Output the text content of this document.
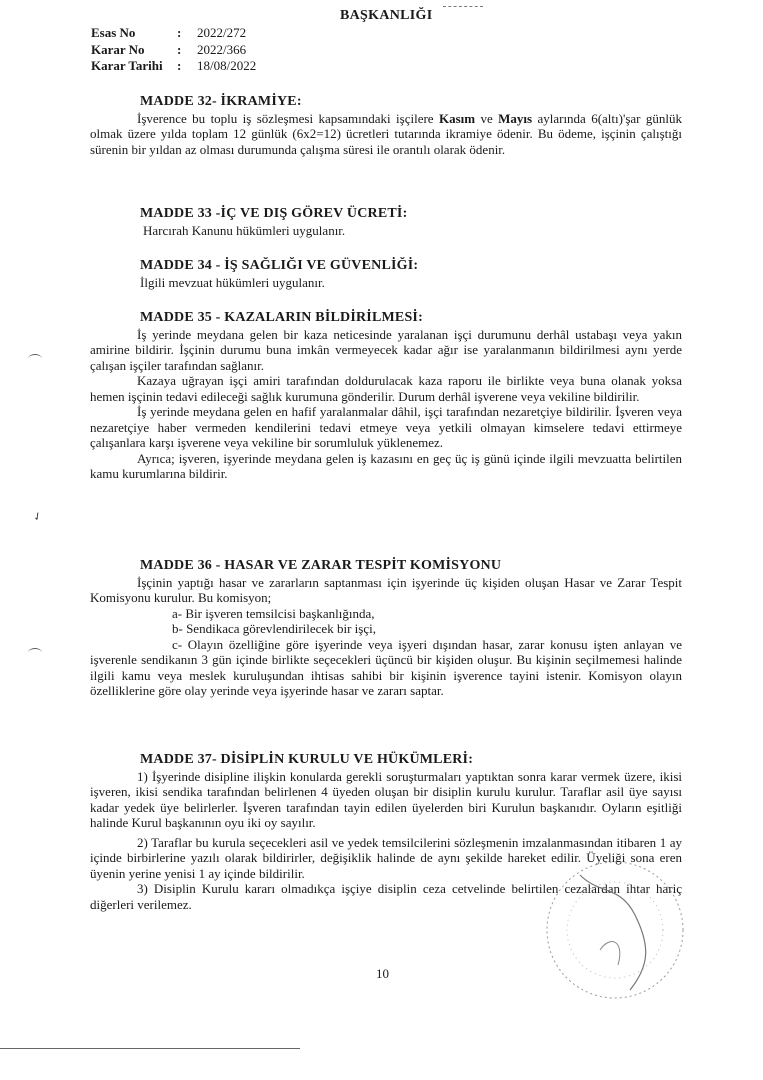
BAŞKANLIĞI
Esas No	:	2022/272
Karar No	:	2022/366
Karar Tarihi	:	18/08/2022
MADDE 32- İKRAMİYE:

İşverence bu toplu iş sözleşmesi kapsamındaki işçilere Kasım ve Mayıs aylarında 6(altı)'şar günlük olmak üzere yılda toplam 12 günlük (6x2=12) ücretleri tutarında ikramiye ödenir. Bu ödeme, işçinin çalıştığı sürenin bir yıldan az olması durumunda çalışma süresi ile orantılı olarak ödenir.

MADDE 33 -İÇ VE DIŞ GÖREV ÜCRETİ:

Harcırah Kanunu hükümleri uygulanır.

MADDE 34 - İŞ SAĞLIĞI VE GÜVENLİĞİ:

İlgili mevzuat hükümleri uygulanır.

MADDE 35 - KAZALARIN BİLDİRİLMESİ:

İş yerinde meydana gelen bir kaza neticesinde yaralanan işçi durumunu derhâl ustabaşı veya yakın amirine bildirir. İşçinin durumu buna imkân vermeyecek kadar ağır ise yaralanmanın bildirilmesi aynı yerde çalışan işçiler tarafından sağlanır.

Kazaya uğrayan işçi amiri tarafından doldurulacak kaza raporu ile birlikte veya buna olanak yoksa hemen işçinin tedavi edileceği sağlık kurumuna gönderilir. Durum derhâl işverene veya vekiline bildirilir.

İş yerinde meydana gelen en hafif yaralanmalar dâhil, işçi tarafından nezaretçiye bildirilir. İşveren veya nezaretçiye haber vermeden kendilerini tedavi etmeye veya yetkili olmayan kimselere tedavi ettirmeye çalışanlara karşı işverene veya vekiline bir sorumluluk yüklenemez.

Ayrıca; işveren, işyerinde meydana gelen iş kazasını en geç üç iş günü içinde ilgili mevzuatta belirtilen kamu kurumlarına bildirir.

MADDE 36 - HASAR VE ZARAR TESPİT KOMİSYONU

İşçinin yaptığı hasar ve zararların saptanması için işyerinde üç kişiden oluşan Hasar ve Zarar Tespit Komisyonu kurulur. Bu komisyon;

a- Bir işveren temsilcisi başkanlığında,
b- Sendikaca görevlendirilecek bir işçi,

c- Olayın özelliğine göre işyerinde veya işyeri dışından hasar, zarar konusu işten anlayan ve işverenle sendikanın 3 gün içinde birlikte seçecekleri üçüncü bir kişiden oluşur. Bu kişinin seçilmemesi halinde ilgili kamu veya meslek kuruluşundan ihtisas sahibi bir kişinin işverence tayini istenir. Komisyon olayın özelliklerine göre olay yerinde veya işyerinde hasar ve zararı saptar.

MADDE 37- DİSİPLİN KURULU VE HÜKÜMLERİ:

1) İşyerinde disipline ilişkin konularda gerekli soruşturmaları yaptıktan sonra karar vermek üzere, ikisi işveren, ikisi sendika tarafından belirlenen 4 üyeden oluşan bir disiplin kurulu kurulur. Taraflar asil üye sayısı kadar yedek üye belirlerler. İşveren tarafından tayin edilen üyelerden biri Kurulun başkanıdır. Oyların eşitliği halinde Kurul başkanının oyu iki oy sayılır.

2) Taraflar bu kurula seçecekleri asil ve yedek temsilcilerini sözleşmenin imzalanmasından itibaren 1 ay içinde birbirlerine yazılı olarak bildirirler, değişiklik halinde de aynı şekilde hareket edilir. Üyeliği sona eren üyenin yerine yenisi 1 ay içinde bildirilir.

3) Disiplin Kurulu kararı olmadıkça işçiye disiplin ceza cetvelinde belirtilen cezalardan ihtar hariç diğerleri verilemez.

10
✓
